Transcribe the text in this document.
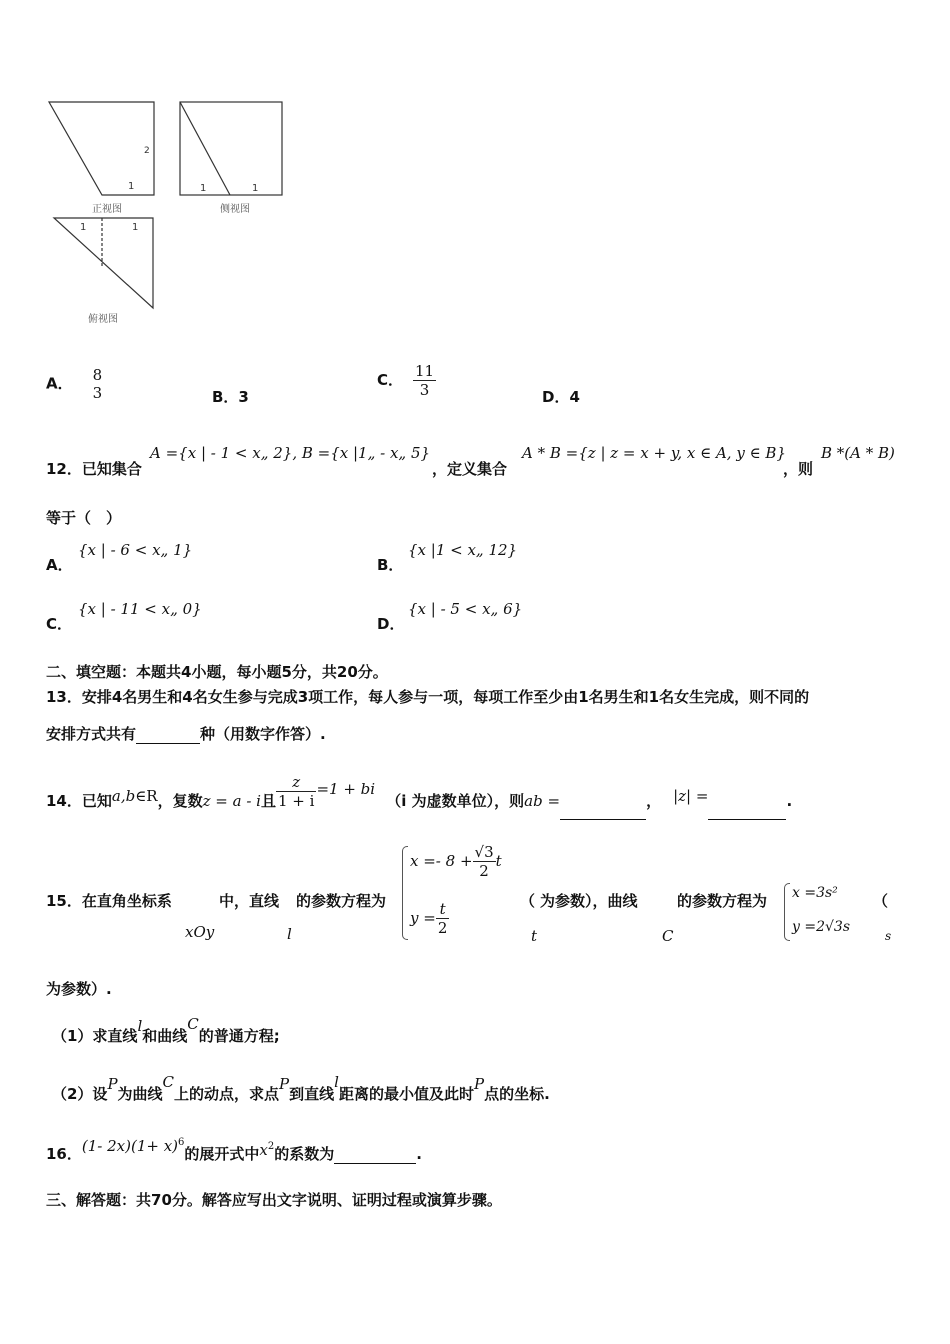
1
2
正视图
1	1
侧视图
1	1
俯视图
A． 8
3	B．3
C． $\frac{11}{3}$	D．4
12．已知集合
A ={x | - 1 < x„ 2}, B ={x |1„ - x„ 5}
，定义集合
A * B ={z | z = x + y, x ∈ A, y ∈ B}
，则
B *(A * B)
等于（　）
A．
{x | - 6 < x„ 1}
B．
{x |1 < x„ 12}
C．
{x | - 11 < x„ 0}
D．
{x | - 5 < x„ 6}
二、填空题：本题共4小题，每小题5分，共20分。
13．安排4名男生和4名女生参与完成3项工作，每人参与一项，每项工作至少由1名男生和1名女生完成，则不同的
安排方式共有	种（用数字作答）.
14．已知a,b∈R，复数z = a - i且 $\frac{z}{1 + i} =1$ + bi （i 为虚数单位），则ab =	， |z| =	.
15．在直角坐标系
xOy
中，直线
l
的参数方程为
$x =- 8 + \frac{√3}{2}$ t
$y = \frac{t}{2}$	（ 为参数），曲线
t	C
的参数方程为 x =3s²
y =2√3s
（
s
为参数）.
（1）求直线l和曲线C的普通方程;
（2）设P为曲线C上的动点，求点P到直线l距离的最小值及此时P点的坐标.
16．(1- $2x)(1+ x)^6$的展开式中$x^2$的系数为	.
三、解答题：共70分。解答应写出文字说明、证明过程或演算步骤。
